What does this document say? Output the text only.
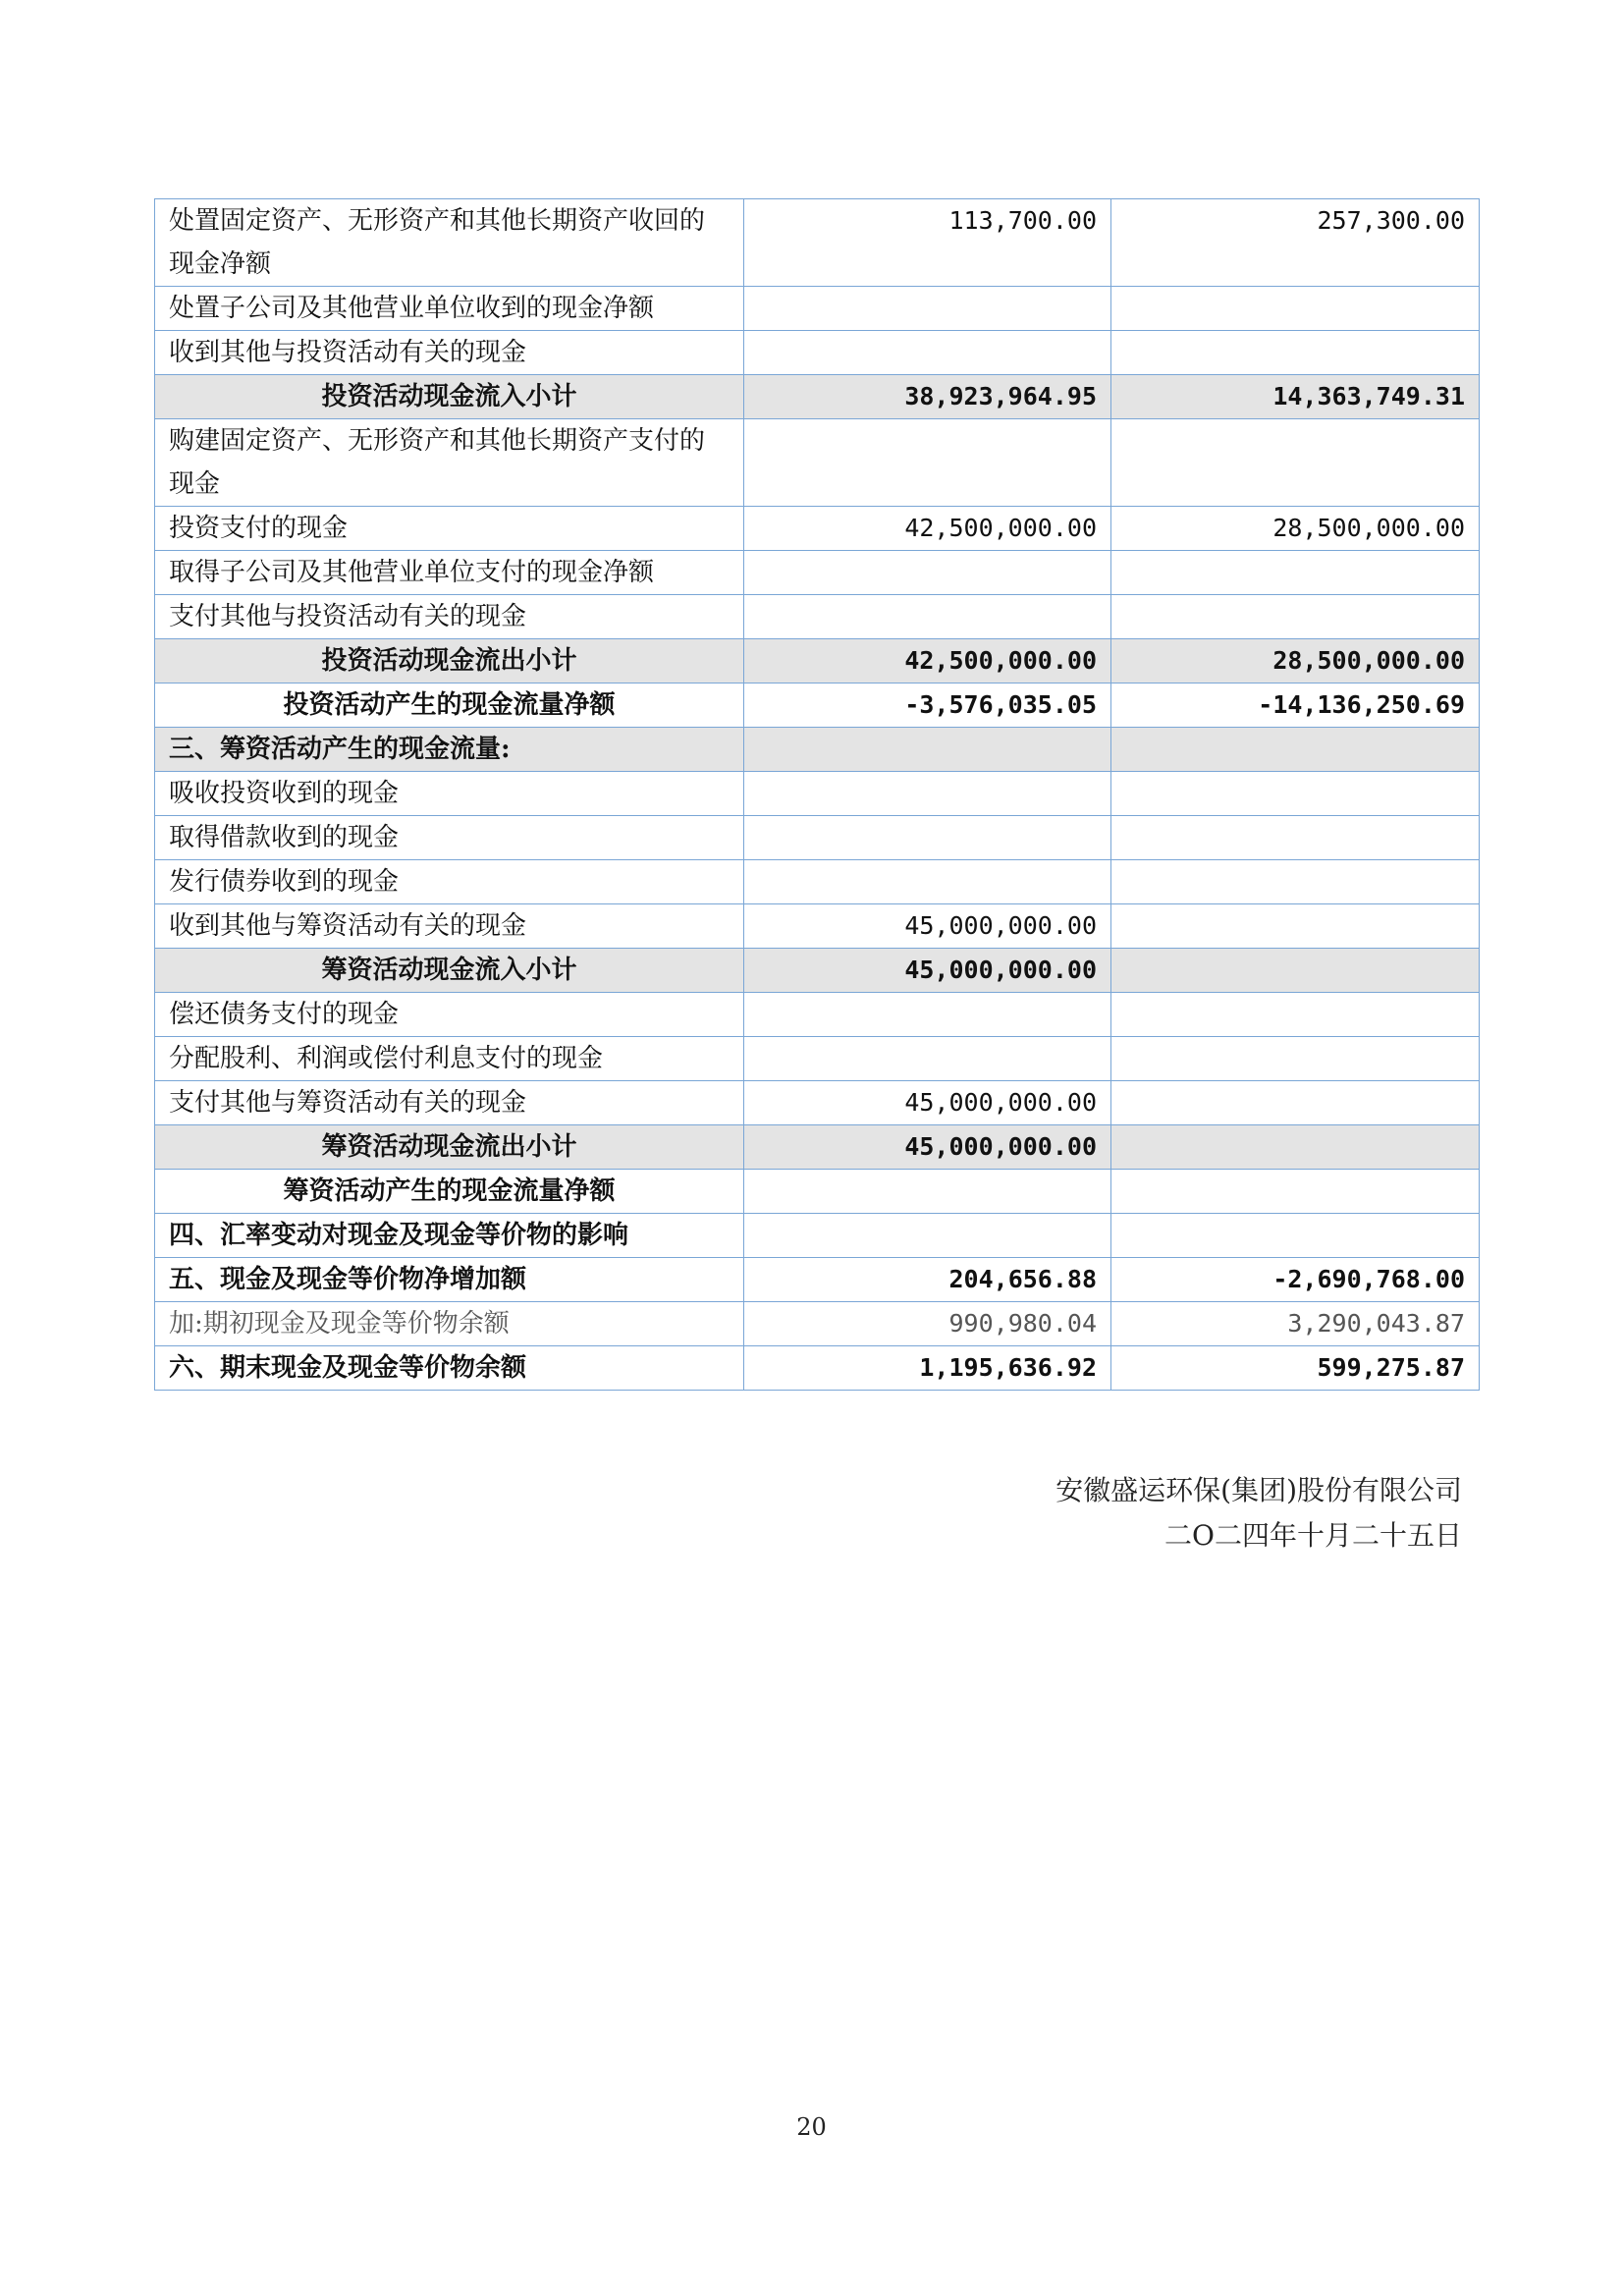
处置固定资产、无形资产和其他长期资产收回的现金净额	113,700.00	257,300.00
处置子公司及其他营业单位收到的现金净额		
收到其他与投资活动有关的现金		
投资活动现金流入小计	38,923,964.95	14,363,749.31
购建固定资产、无形资产和其他长期资产支付的现金		
投资支付的现金	42,500,000.00	28,500,000.00
取得子公司及其他营业单位支付的现金净额		
支付其他与投资活动有关的现金		
投资活动现金流出小计	42,500,000.00	28,500,000.00
投资活动产生的现金流量净额	-3,576,035.05	-14,136,250.69
三、筹资活动产生的现金流量:		
吸收投资收到的现金		
取得借款收到的现金		
发行债券收到的现金		
收到其他与筹资活动有关的现金	45,000,000.00	
筹资活动现金流入小计	45,000,000.00	
偿还债务支付的现金		
分配股利、利润或偿付利息支付的现金		
支付其他与筹资活动有关的现金	45,000,000.00	
筹资活动现金流出小计	45,000,000.00	
筹资活动产生的现金流量净额		
四、汇率变动对现金及现金等价物的影响		
五、现金及现金等价物净增加额	204,656.88	-2,690,768.00
加:期初现金及现金等价物余额	990,980.04	3,290,043.87
六、期末现金及现金等价物余额	1,195,636.92	599,275.87
安徽盛运环保(集团)股份有限公司
二O二四年十月二十五日
20
